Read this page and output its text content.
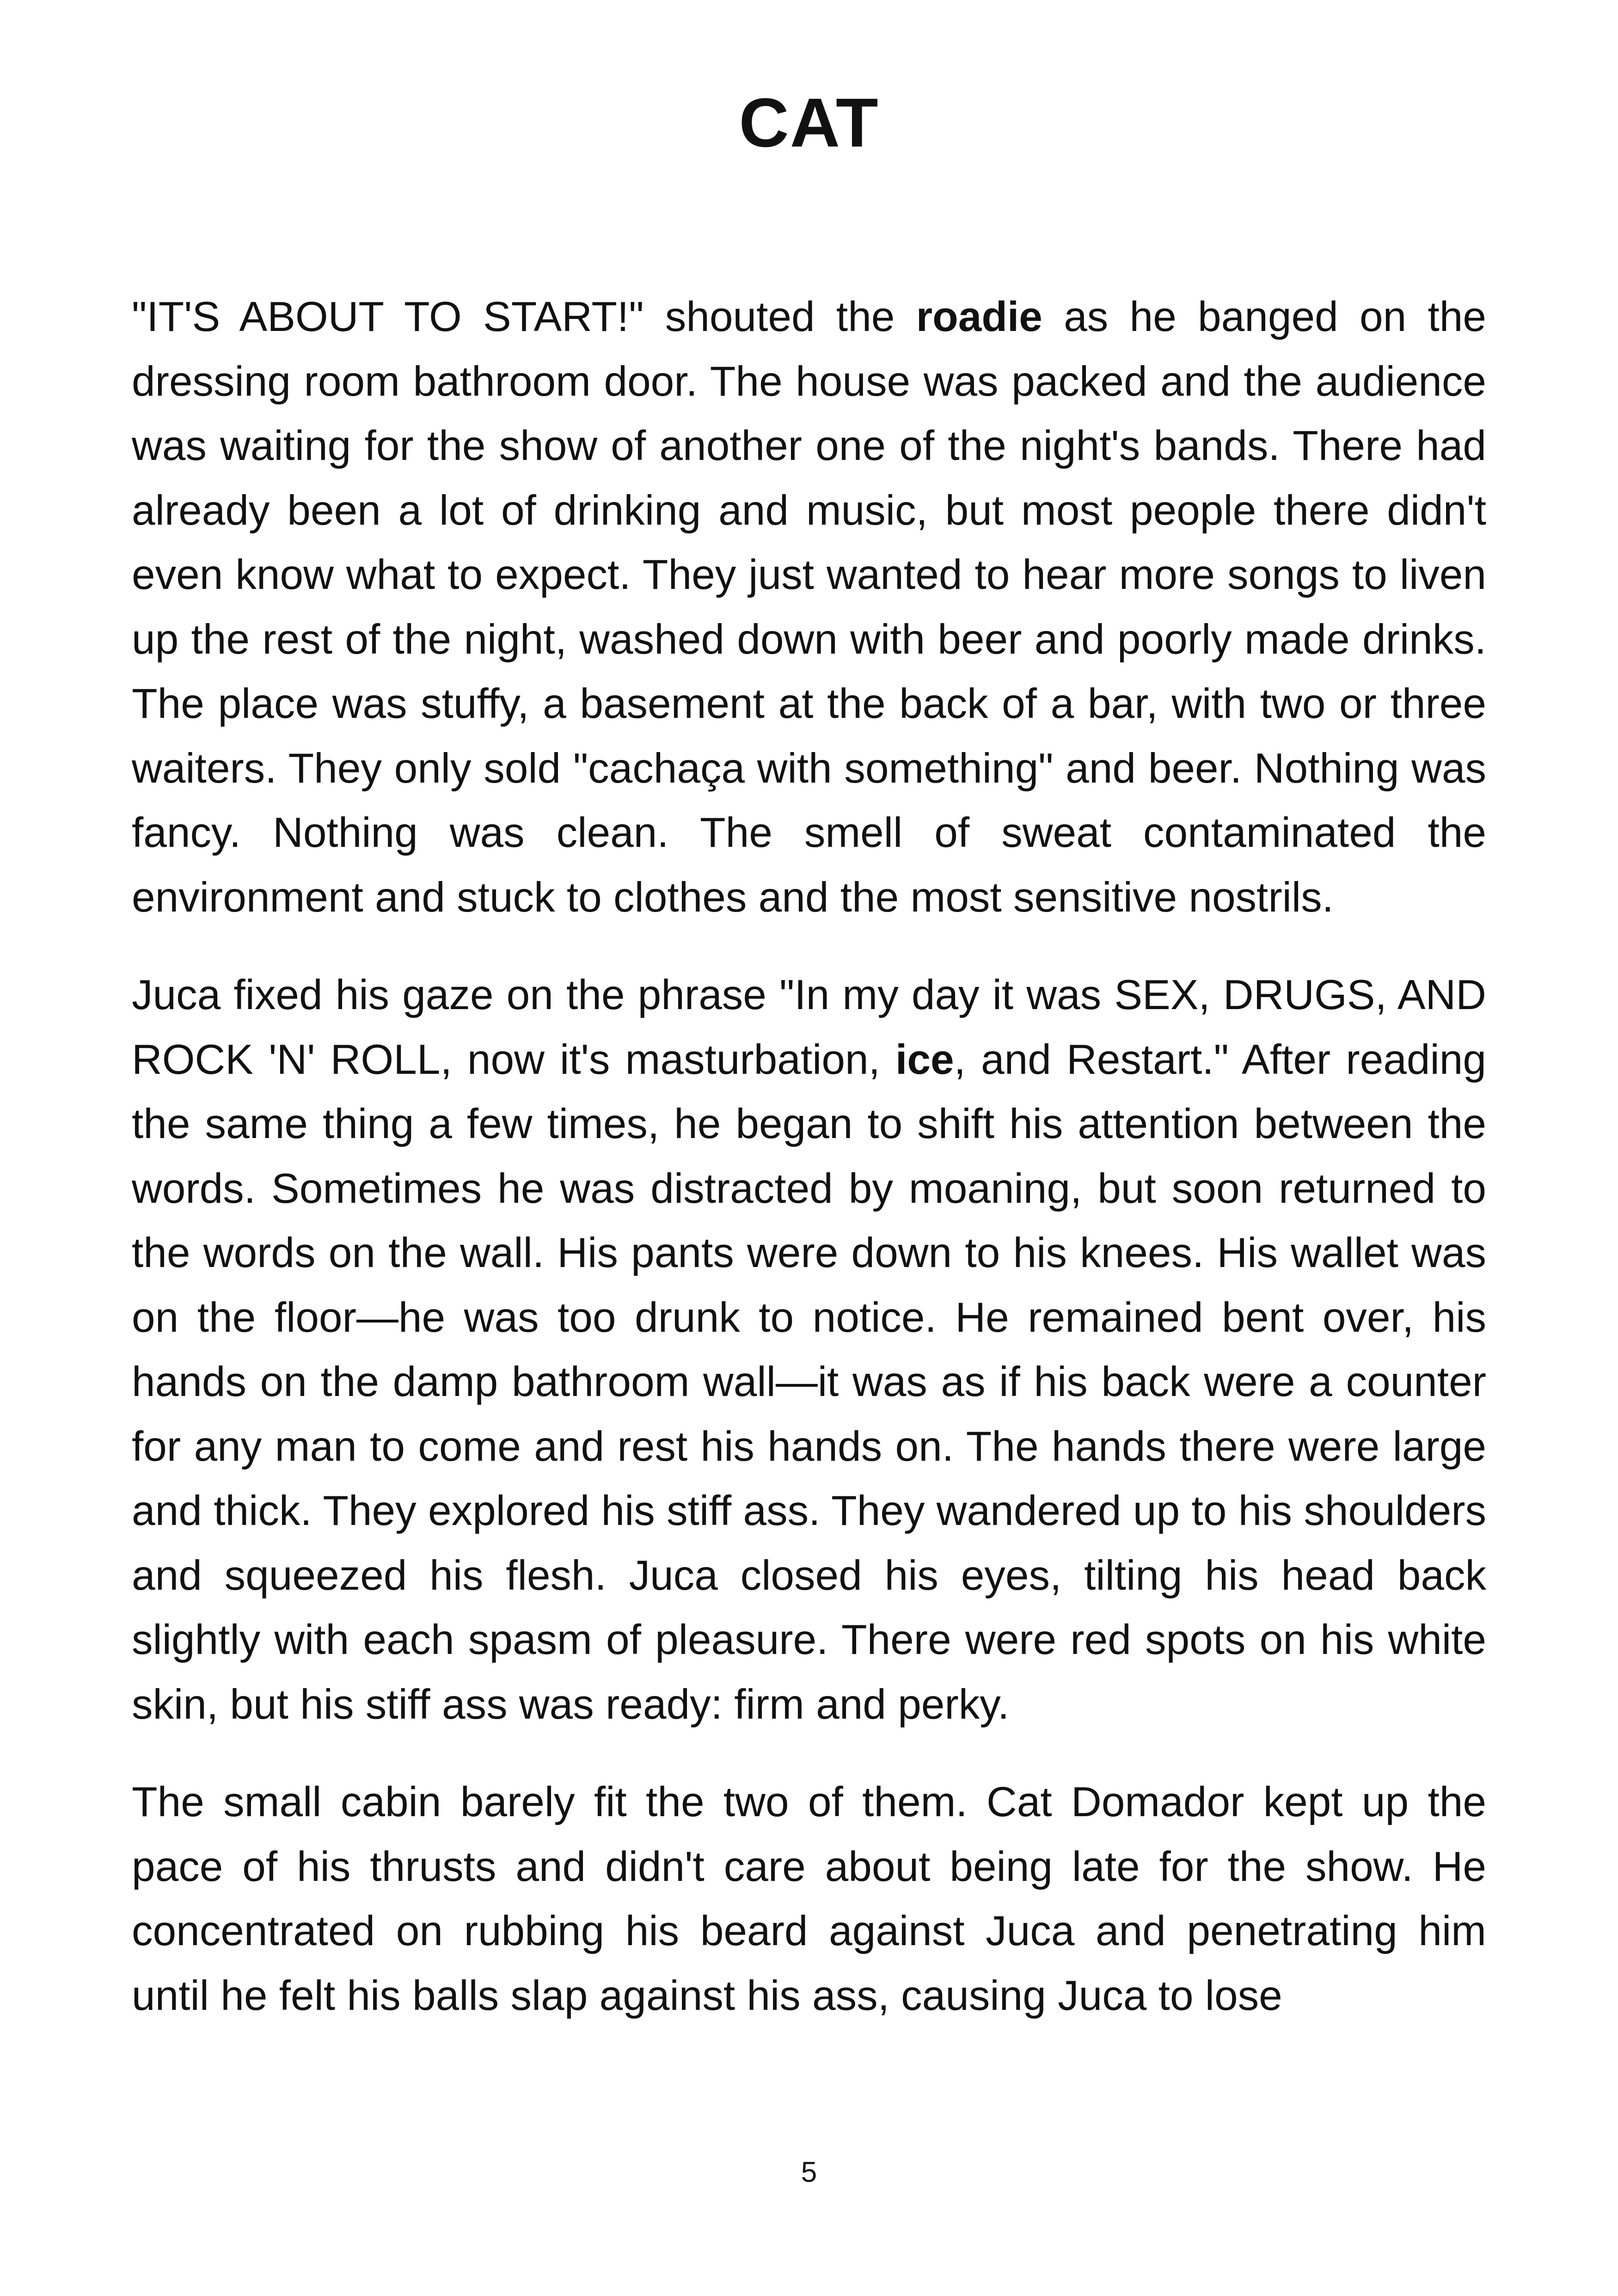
CAT

"IT'S ABOUT TO START!" shouted the roadie as he banged on the dressing room bathroom door. The house was packed and the audience was waiting for the show of another one of the night's bands. There had already been a lot of drinking and music, but most people there didn't even know what to expect. They just wanted to hear more songs to liven up the rest of the night, washed down with beer and poorly made drinks. The place was stuffy, a basement at the back of a bar, with two or three waiters. They only sold "cachaça with something" and beer. Nothing was fancy. Nothing was clean. The smell of sweat contaminated the environment and stuck to clothes and the most sensitive nostrils.

Juca fixed his gaze on the phrase "In my day it was SEX, DRUGS, AND ROCK 'N' ROLL, now it's masturbation, ice, and Restart." After reading the same thing a few times, he began to shift his attention between the words. Sometimes he was distracted by moaning, but soon returned to the words on the wall. His pants were down to his knees. His wallet was on the floor—he was too drunk to notice. He remained bent over, his hands on the damp bathroom wall—it was as if his back were a counter for any man to come and rest his hands on. The hands there were large and thick. They explored his stiff ass. They wandered up to his shoulders and squeezed his flesh. Juca closed his eyes, tilting his head back slightly with each spasm of pleasure. There were red spots on his white skin, but his stiff ass was ready: firm and perky.

The small cabin barely fit the two of them. Cat Domador kept up the pace of his thrusts and didn't care about being late for the show. He concentrated on rubbing his beard against Juca and penetrating him until he felt his balls slap against his ass, causing Juca to lose

5
